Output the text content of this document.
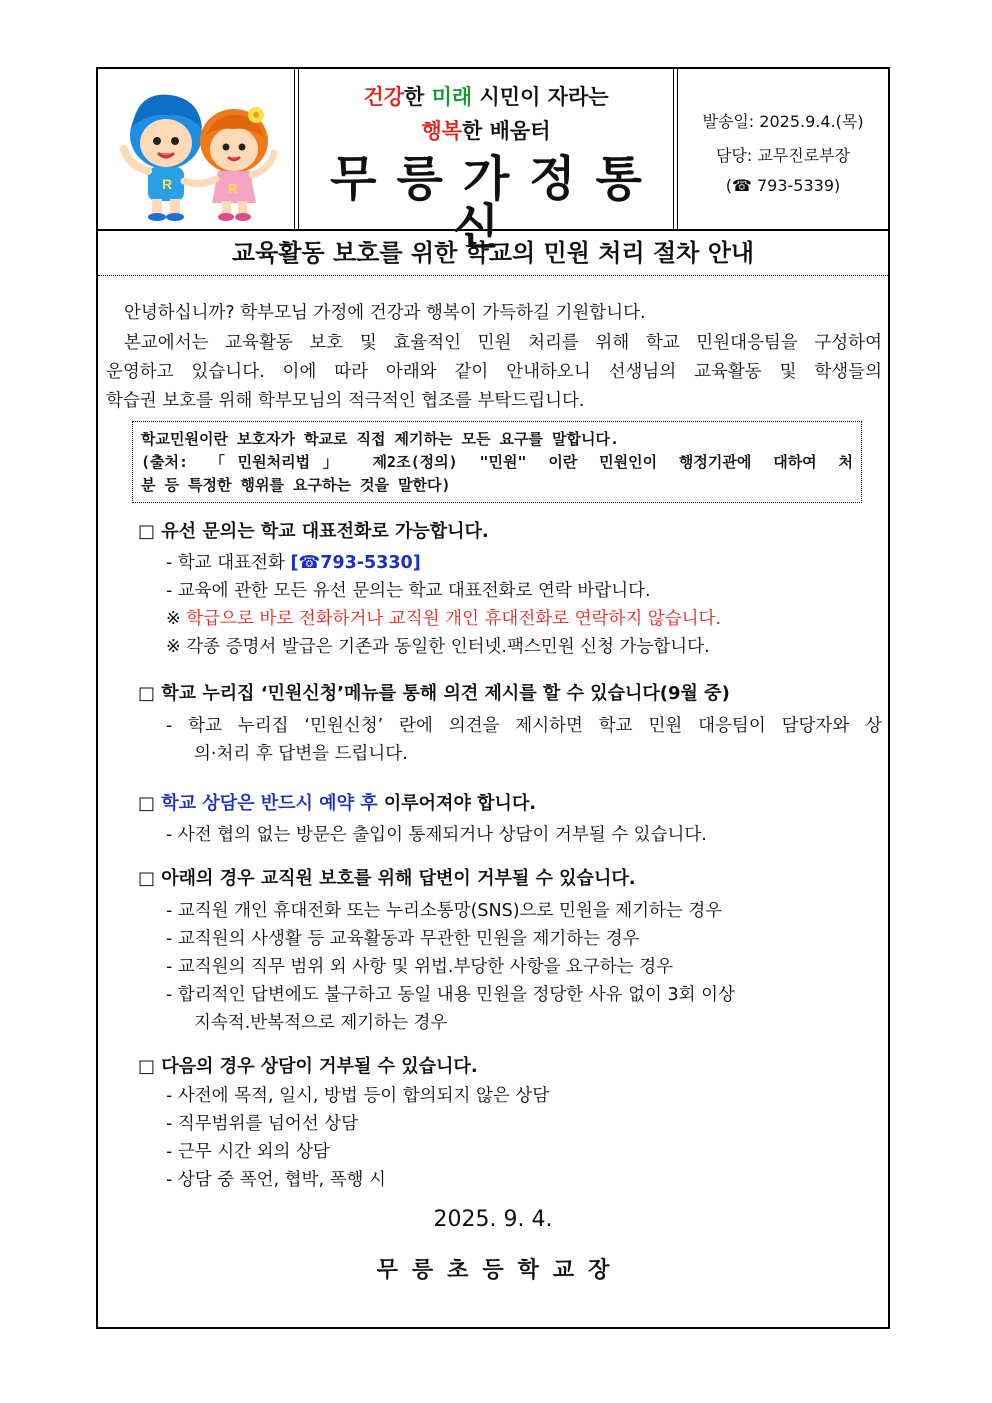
R	R
건강한 미래 시민이 자라는
행복한 배움터
무릉가정통신
발송일: 2025.9.4.(목)
담당: 교무진로부장
(☎ 793-5339)
교육활동 보호를 위한 학교의 민원 처리 절차 안내
안녕하십니까? 학부모님 가정에 건강과 행복이 가득하길 기원합니다.
본교에서는 교육활동 보호 및 효율적인 민원 처리를 위해 학교 민원대응팀을 구성하여
운영하고 있습니다. 이에 따라 아래와 같이 안내하오니 선생님의 교육활동 및 학생들의
학습권 보호를 위해 학부모님의 적극적인 협조를 부탁드립니다.
학교민원이란 보호자가 학교로 직접 제기하는 모든 요구를 말합니다.
(출처: 「민원처리법」 제2조(정의) "민원" 이란 민원인이 행정기관에 대하여 처
분 등 특정한 행위를 요구하는 것을 말한다)
□ 유선 문의는 학교 대표전화로 가능합니다.
- 학교 대표전화 [☎793-5330]
- 교육에 관한 모든 유선 문의는 학교 대표전화로 연락 바랍니다.
※ 학급으로 바로 전화하거나 교직원 개인 휴대전화로 연락하지 않습니다.
※ 각종 증명서 발급은 기존과 동일한 인터넷.팩스민원 신청 가능합니다.
□ 학교 누리집 ‘민원신청’메뉴를 통해 의견 제시를 할 수 있습니다(9월 중)
- 학교 누리집 ‘민원신청’ 란에 의견을 제시하면 학교 민원 대응팀이 담당자와 상
의·처리 후 답변을 드립니다.
□ 학교 상담은 반드시 예약 후 이루어져야 합니다.
- 사전 협의 없는 방문은 출입이 통제되거나 상담이 거부될 수 있습니다.
□ 아래의 경우 교직원 보호를 위해 답변이 거부될 수 있습니다.
- 교직원 개인 휴대전화 또는 누리소통망(SNS)으로 민원을 제기하는 경우
- 교직원의 사생활 등 교육활동과 무관한 민원을 제기하는 경우
- 교직원의 직무 범위 외 사항 및 위법.부당한 사항을 요구하는 경우
- 합리적인 답변에도 불구하고 동일 내용 민원을 정당한 사유 없이 3회 이상
지속적.반복적으로 제기하는 경우
□ 다음의 경우 상담이 거부될 수 있습니다.
- 사전에 목적, 일시, 방법 등이 합의되지 않은 상담
- 직무범위를 넘어선 상담
- 근무 시간 외의 상담
- 상담 중 폭언, 협박, 폭행 시
2025. 9. 4.
무릉초등학교장
